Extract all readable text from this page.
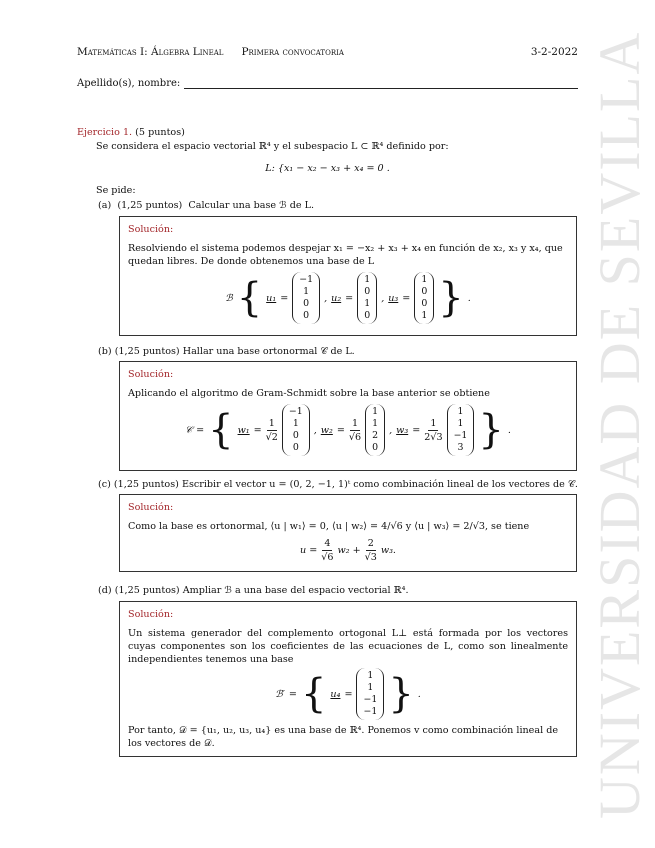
UNIVERSIDAD DE SEVILLA
Matemáticas I: Álgebra Lineal Primera convocatoria	3-2-2022
Apellido(s), nombre:
Ejercicio 1. (5 puntos)
Se considera el espacio vectorial ℝ⁴ y el subespacio L ⊂ ℝ⁴ definido por:
L: {x₁ − x₂ − x₃ + x₄ = 0 .
Se pide:
(a) (1,25 puntos) Calcular una base ℬ de L.
Solución:
Resolviendo el sistema podemos despejar x₁ = −x₂ + x₃ + x₄ en función de x₂, x₃ y x₄, que quedan libres. De donde obtenemos una base de L
ℬ { u₁ =
−1
1
0
0
, u₂ =
1
0
1
0
, u₃ =
1
0
0
1 } .
(b) (1,25 puntos) Hallar una base ortonormal 𝒞 de L.
Solución:
Aplicando el algoritmo de Gram-Schmidt sobre la base anterior se obtiene
𝒞 = { $w_1 = \frac{1}{√2}$
−1
1
0
0
, $w_2 = \frac{1}{√6}$
1
1
2
0
, $w_3 = \frac{1}{2√3}$
1
1
−1
3 } .
(c) (1,25 puntos) Escribir el vector u = (0, 2, −1, 1)ᵗ como combinación lineal de los vectores de 𝒞.
Solución:
Como la base es ortonormal, ⟨u | w₁⟩ = 0, ⟨u | w₂⟩ = 4/√6 y ⟨u | w₃⟩ = 2/√3, se tiene
$u = \frac{4}{√6} w_2 + \frac{2}{√3} w_3$.
(d) (1,25 puntos) Ampliar ℬ a una base del espacio vectorial ℝ⁴.
Solución:
Un sistema generador del complemento ortogonal L⊥ está formada por los vectores cuyas componentes son los coeficientes de las ecuaciones de L, como son linealmente independientes tenemos una base
ℬ′ = { u₄ =
1
1
−1
−1 } .
Por tanto, 𝒟 = {u₁, u₂, u₃, u₄} es una base de ℝ⁴. Ponemos v como combinación lineal de los vectores de 𝒟.
